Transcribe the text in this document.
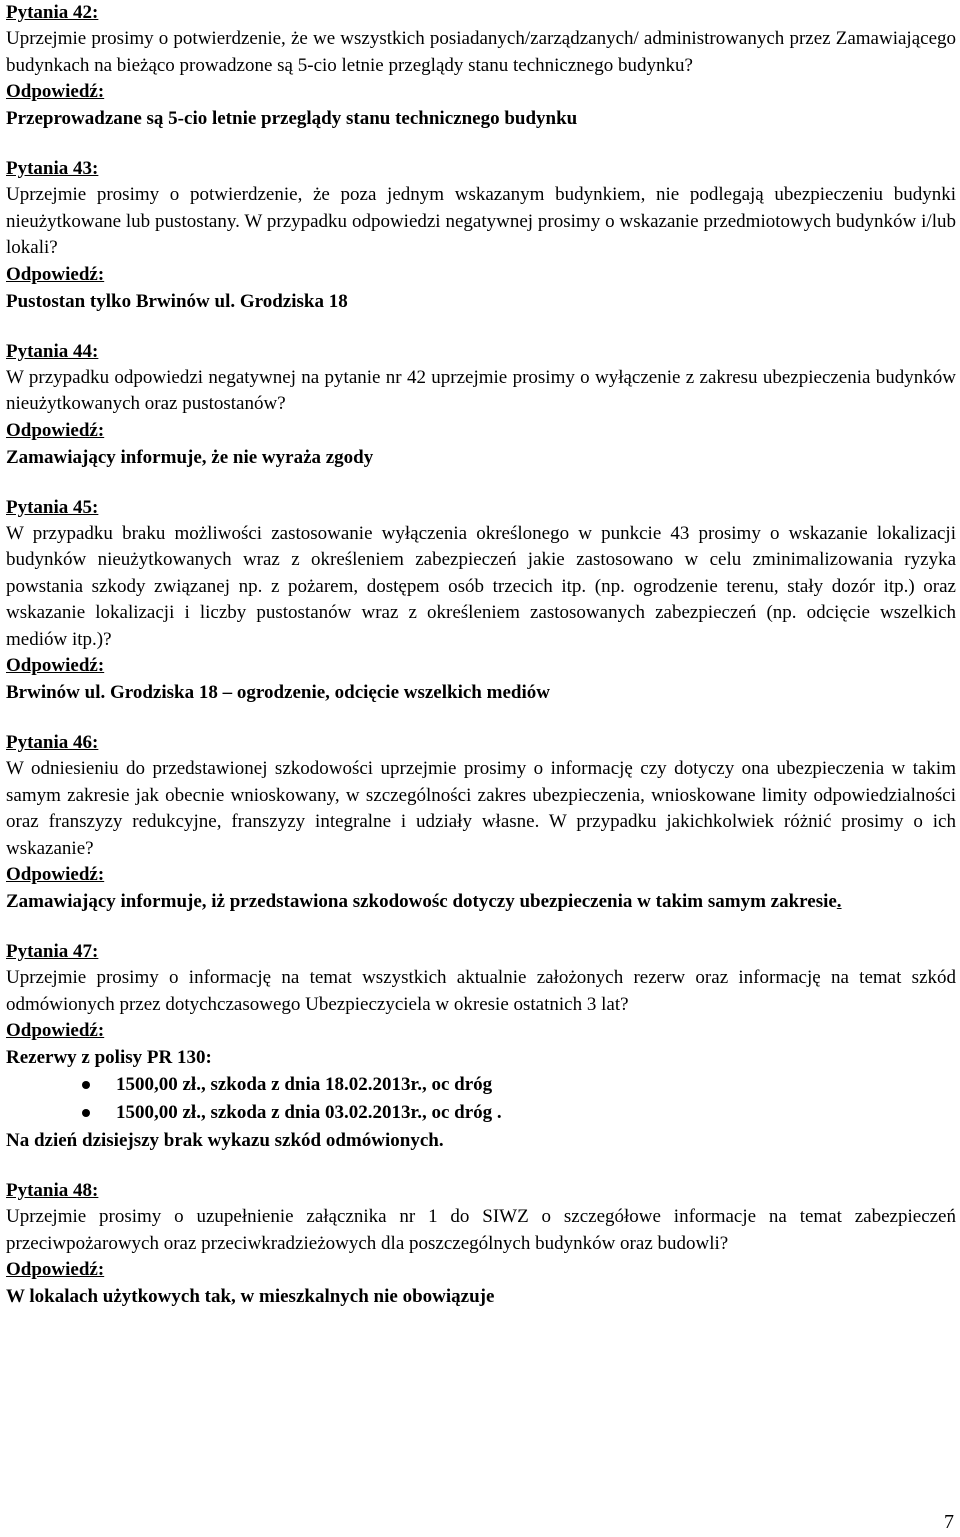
Pytania 42:

Uprzejmie prosimy o potwierdzenie, że we wszystkich posiadanych/zarządzanych/ administrowanych przez Zamawiającego budynkach na bieżąco prowadzone są 5-cio letnie przeglądy stanu technicznego budynku?

Odpowiedź:

Przeprowadzane są 5-cio letnie przeglądy stanu technicznego budynku

Pytania 43:

Uprzejmie prosimy o potwierdzenie, że poza jednym wskazanym budynkiem, nie podlegają ubezpieczeniu budynki nieużytkowane lub pustostany. W przypadku odpowiedzi negatywnej prosimy o wskazanie przedmiotowych budynków i/lub lokali?

Odpowiedź:

Pustostan tylko Brwinów ul. Grodziska 18

Pytania 44:

W przypadku odpowiedzi negatywnej na pytanie nr 42 uprzejmie prosimy o wyłączenie z zakresu ubezpieczenia budynków nieużytkowanych oraz pustostanów?

Odpowiedź:

Zamawiający informuje, że nie wyraża zgody

Pytania 45:

W przypadku braku możliwości zastosowanie wyłączenia określonego w punkcie 43 prosimy o wskazanie lokalizacji budynków nieużytkowanych wraz z określeniem zabezpieczeń jakie zastosowano w celu zminimalizowania ryzyka powstania szkody związanej np. z pożarem, dostępem osób trzecich itp. (np. ogrodzenie terenu, stały dozór itp.) oraz wskazanie lokalizacji i liczby pustostanów wraz z określeniem zastosowanych zabezpieczeń (np. odcięcie wszelkich mediów itp.)?

Odpowiedź:

Brwinów ul. Grodziska 18 – ogrodzenie, odcięcie wszelkich mediów

Pytania 46:

W odniesieniu do przedstawionej szkodowości uprzejmie prosimy o informację czy dotyczy ona ubezpieczenia w takim samym zakresie jak obecnie wnioskowany, w szczególności zakres ubezpieczenia, wnioskowane limity odpowiedzialności oraz franszyzy redukcyjne, franszyzy integralne i udziały własne. W przypadku jakichkolwiek różnić prosimy o ich wskazanie?

Odpowiedź:

Zamawiający informuje, iż przedstawiona szkodowośc dotyczy ubezpieczenia w takim samym zakresie.

Pytania 47:

Uprzejmie prosimy o informację na temat wszystkich aktualnie założonych rezerw oraz informację na temat szkód odmówionych przez dotychczasowego Ubezpieczyciela w okresie ostatnich 3 lat?

Odpowiedź:

Rezerwy z polisy PR 130:

1500,00 zł., szkoda z dnia 18.02.2013r., oc dróg
1500,00 zł., szkoda z dnia 03.02.2013r., oc dróg .

Na dzień dzisiejszy brak wykazu szkód odmówionych.

Pytania 48:

Uprzejmie prosimy o uzupełnienie załącznika nr 1 do SIWZ o szczegółowe informacje na temat zabezpieczeń przeciwpożarowych oraz przeciwkradzieżowych dla poszczególnych budynków oraz budowli?

Odpowiedź:

W lokalach użytkowych tak, w mieszkalnych nie obowiązuje

7
